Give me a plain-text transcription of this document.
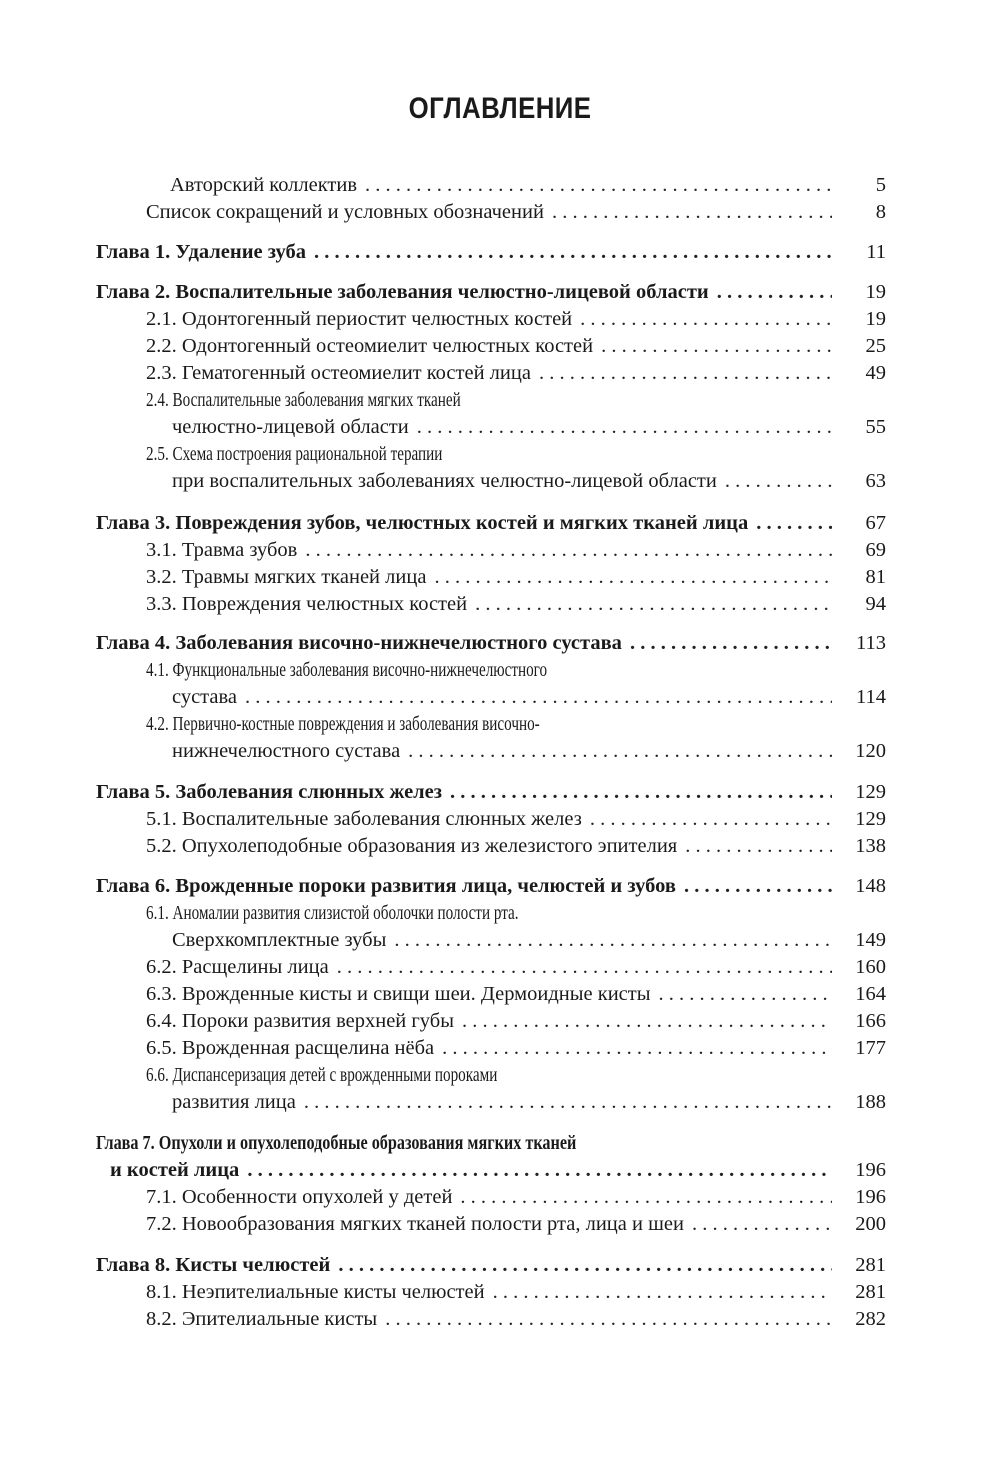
ОГЛАВЛЕНИЕ
Авторский коллектив . . .	5
Список сокращений и условных обозначений . . .	8
Глава 1. Удаление зуба . . .	11
Глава 2. Воспалительные заболевания челюстно-лицевой области . . .	19
2.1. Одонтогенный периостит челюстных костей . . .	19
2.2. Одонтогенный остеомиелит челюстных костей . . .	25
2.3. Гематогенный остеомиелит костей лица . . .	49
2.4. Воспалительные заболевания мягких тканей
челюстно-лицевой области . . .	55
2.5. Схема построения рациональной терапии
при воспалительных заболеваниях челюстно-лицевой области . . .	63
Глава 3. Повреждения зубов, челюстных костей и мягких тканей лица . . .	67
3.1. Травма зубов . . .	69
3.2. Травмы мягких тканей лица . . .	81
3.3. Повреждения челюстных костей . . .	94
Глава 4. Заболевания височно-нижнечелюстного сустава . . .	113
4.1. Функциональные заболевания височно-нижнечелюстного
сустава . . .	114
4.2. Первично-костные повреждения и заболевания височно-
нижнечелюстного сустава . . .	120
Глава 5. Заболевания слюнных желез . . .	129
5.1. Воспалительные заболевания слюнных желез . . .	129
5.2. Опухолеподобные образования из железистого эпителия . . .	138
Глава 6. Врожденные пороки развития лица, челюстей и зубов . . .	148
6.1. Аномалии развития слизистой оболочки полости рта.
Сверхкомплектные зубы . . .	149
6.2. Расщелины лица . . .	160
6.3. Врожденные кисты и свищи шеи. Дермоидные кисты . . .	164
6.4. Пороки развития верхней губы . . .	166
6.5. Врожденная расщелина нёба . . .	177
6.6. Диспансеризация детей с врожденными пороками
развития лица . . .	188
Глава 7. Опухоли и опухолеподобные образования мягких тканей
и костей лица . . .	196
7.1. Особенности опухолей у детей . . .	196
7.2. Новообразования мягких тканей полости рта, лица и шеи . . .	200
Глава 8. Кисты челюстей . . .	281
8.1. Неэпителиальные кисты челюстей . . .	281
8.2. Эпителиальные кисты . . .	282
